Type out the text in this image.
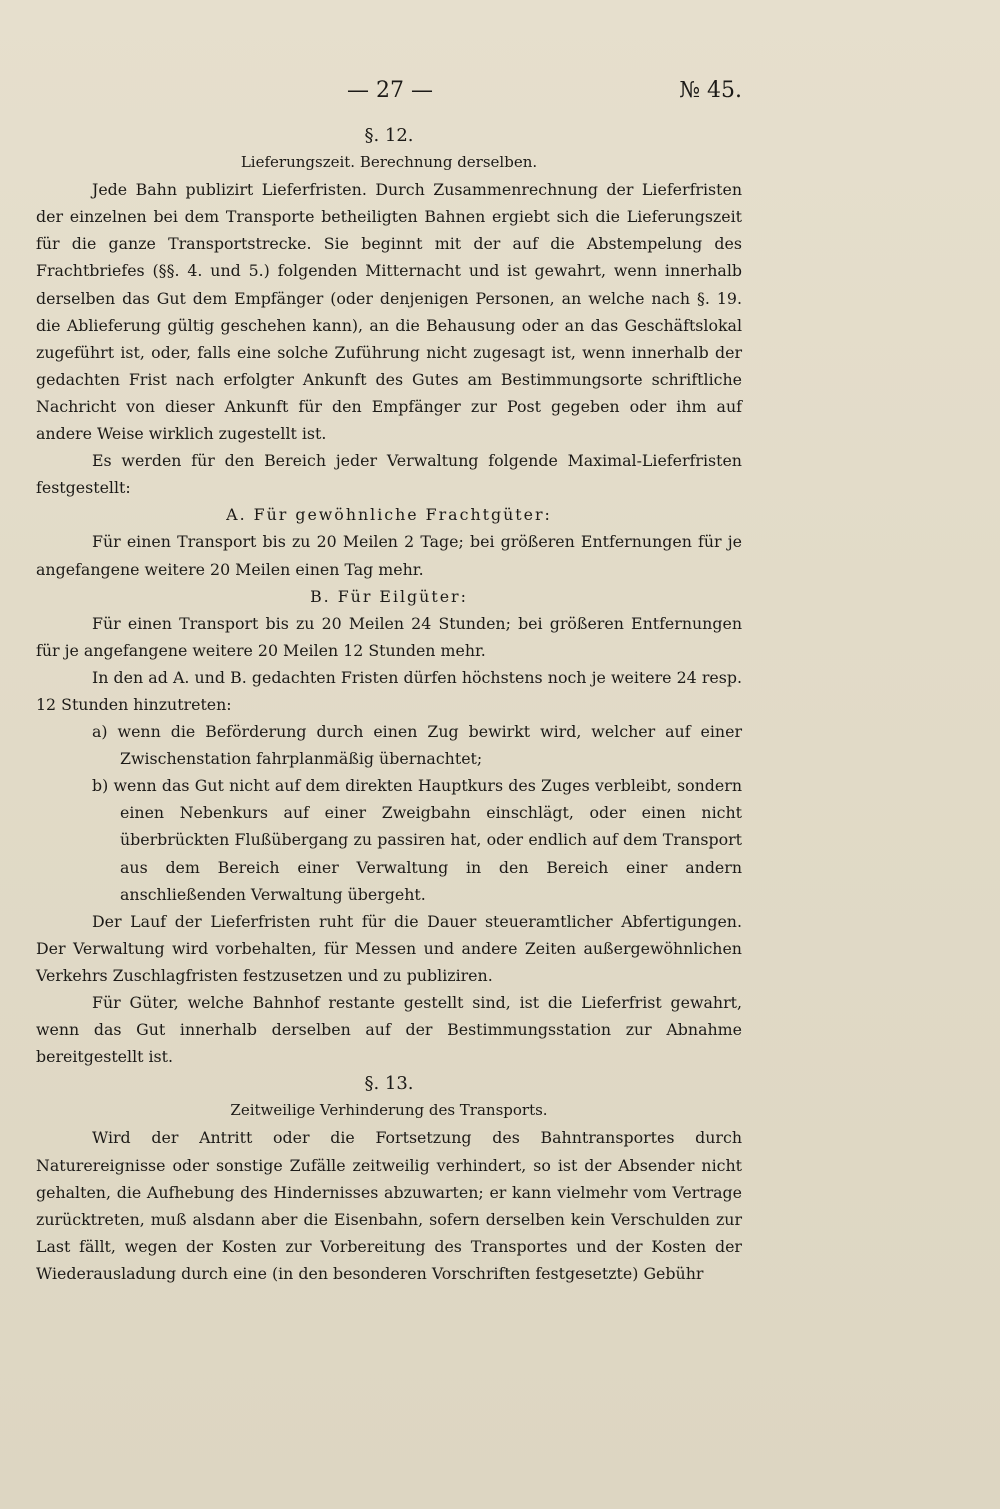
— 27 —	№ 45.
§. 12.
Lieferungszeit. Berechnung derselben.

Jede Bahn publizirt Lieferfristen. Durch Zusammenrechnung der Lieferfristen der einzelnen bei dem Transporte betheiligten Bahnen ergiebt sich die Lieferungszeit für die ganze Transportstrecke. Sie beginnt mit der auf die Abstempelung des Frachtbriefes (§§. 4. und 5.) folgenden Mitternacht und ist gewahrt, wenn innerhalb derselben das Gut dem Empfänger (oder denjenigen Personen, an welche nach §. 19. die Ablieferung gültig geschehen kann), an die Behausung oder an das Geschäftslokal zugeführt ist, oder, falls eine solche Zuführung nicht zugesagt ist, wenn innerhalb der gedachten Frist nach erfolgter Ankunft des Gutes am Bestimmungsorte schriftliche Nachricht von dieser Ankunft für den Empfänger zur Post gegeben oder ihm auf andere Weise wirklich zugestellt ist.

Es werden für den Bereich jeder Verwaltung folgende Maximal-Lieferfristen festgestellt:

A. Für gewöhnliche Frachtgüter:

Für einen Transport bis zu 20 Meilen 2 Tage; bei größeren Entfernungen für je angefangene weitere 20 Meilen einen Tag mehr.

B. Für Eilgüter:

Für einen Transport bis zu 20 Meilen 24 Stunden; bei größeren Entfernungen für je angefangene weitere 20 Meilen 12 Stunden mehr.

In den ad A. und B. gedachten Fristen dürfen höchstens noch je weitere 24 resp. 12 Stunden hinzutreten:

a) wenn die Beförderung durch einen Zug bewirkt wird, welcher auf einer Zwischenstation fahrplanmäßig übernachtet;

b) wenn das Gut nicht auf dem direkten Hauptkurs des Zuges verbleibt, sondern einen Nebenkurs auf einer Zweigbahn einschlägt, oder einen nicht überbrückten Flußübergang zu passiren hat, oder endlich auf dem Transport aus dem Bereich einer Verwaltung in den Bereich einer andern anschließenden Verwaltung übergeht.

Der Lauf der Lieferfristen ruht für die Dauer steueramtlicher Abfertigungen. Der Verwaltung wird vorbehalten, für Messen und andere Zeiten außergewöhnlichen Verkehrs Zuschlagfristen festzusetzen und zu publiziren.

Für Güter, welche Bahnhof restante gestellt sind, ist die Lieferfrist gewahrt, wenn das Gut innerhalb derselben auf der Bestimmungsstation zur Abnahme bereitgestellt ist.

§. 13.
Zeitweilige Verhinderung des Transports.

Wird der Antritt oder die Fortsetzung des Bahntransportes durch Naturereignisse oder sonstige Zufälle zeitweilig verhindert, so ist der Absender nicht gehalten, die Aufhebung des Hindernisses abzuwarten; er kann vielmehr vom Vertrage zurücktreten, muß alsdann aber die Eisenbahn, sofern derselben kein Verschulden zur Last fällt, wegen der Kosten zur Vorbereitung des Transportes und der Kosten der Wiederausladung durch eine (in den besonderen Vorschriften festgesetzte) Gebühr
